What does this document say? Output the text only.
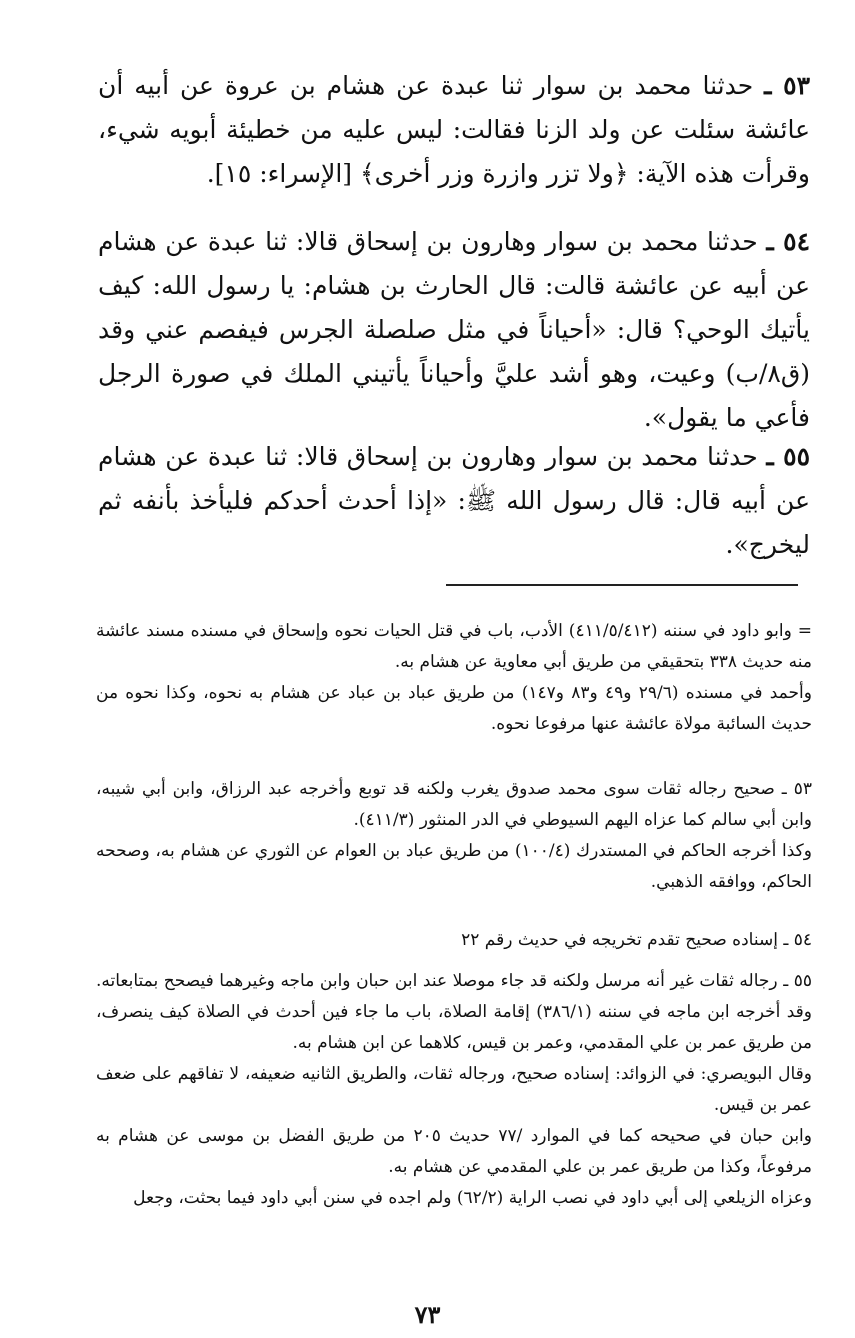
٥٣ ـ حدثنا محمد بن سوار ثنا عبدة عن هشام بن عروة عن أبيه أن عائشة سئلت عن ولد الزنا فقالت: ليس عليه من خطيئة أبويه شيء، وقرأت هذه الآية: ﴿ولا تزر وازرة وزر أخرى﴾ [الإسراء: ١٥].

٥٤ ـ حدثنا محمد بن سوار وهارون بن إسحاق قالا: ثنا عبدة عن هشام عن أبيه عن عائشة قالت: قال الحارث بن هشام: يا رسول الله: كيف يأتيك الوحي؟ قال: «أحياناً في مثل صلصلة الجرس فيفصم عني وقد (ق٨/ب) وعيت، وهو أشد عليَّ وأحياناً يأتيني الملك في صورة الرجل فأعي ما يقول».

٥٥ ـ حدثنا محمد بن سوار وهارون بن إسحاق قالا: ثنا عبدة عن هشام عن أبيه قال: قال رسول الله ﷺ: «إذا أحدث أحدكم فليأخذ بأنفه ثم ليخرج».

= وابو داود في سننه (٤١١/٥/٤١٢) الأدب، باب في قتل الحيات نحوه وإسحاق في مسنده مسند عائشة منه حديث ٣٣٨ بتحقيقي من طريق أبي معاوية عن هشام به.

وأحمد في مسنده (٢٩/٦ و٤٩ و٨٣ و١٤٧) من طريق عباد بن عباد عن هشام به نحوه، وكذا نحوه من حديث السائبة مولاة عائشة عنها مرفوعا نحوه.

٥٣ ـ صحيح رجاله ثقات سوى محمد صدوق يغرب ولكنه قد توبع وأخرجه عبد الرزاق، وابن أبي شيبه، وابن أبي سالم كما عزاه اليهم السيوطي في الدر المنثور (٤١١/٣).

وكذا أخرجه الحاكم في المستدرك (١٠٠/٤) من طريق عباد بن العوام عن الثوري عن هشام به، وصححه الحاكم، ووافقه الذهبي.

٥٤ ـ إسناده صحيح تقدم تخريجه في حديث رقم ٢٢

٥٥ ـ رجاله ثقات غير أنه مرسل ولكنه قد جاء موصلا عند ابن حبان وابن ماجه وغيرهما فيصحح بمتابعاته. وقد أخرجه ابن ماجه في سننه (٣٨٦/١) إقامة الصلاة، باب ما جاء فين أحدث في الصلاة كيف ينصرف، من طريق عمر بن علي المقدمي، وعمر بن قيس، كلاهما عن ابن هشام به.

وقال البويصري: في الزوائد: إسناده صحيح، ورجاله ثقات، والطريق الثانيه ضعيفه، لا تفاقهم على ضعف عمر بن قيس.

وابن حبان في صحيحه كما في الموارد /٧٧ حديث ٢٠٥ من طريق الفضل بن موسى عن هشام به مرفوعاً، وكذا من طريق عمر بن علي المقدمي عن هشام به.

وعزاه الزيلعي إلى أبي داود في نصب الراية (٦٢/٢) ولم اجده في سنن أبي داود فيما بحثت، وجعل

٧٣
